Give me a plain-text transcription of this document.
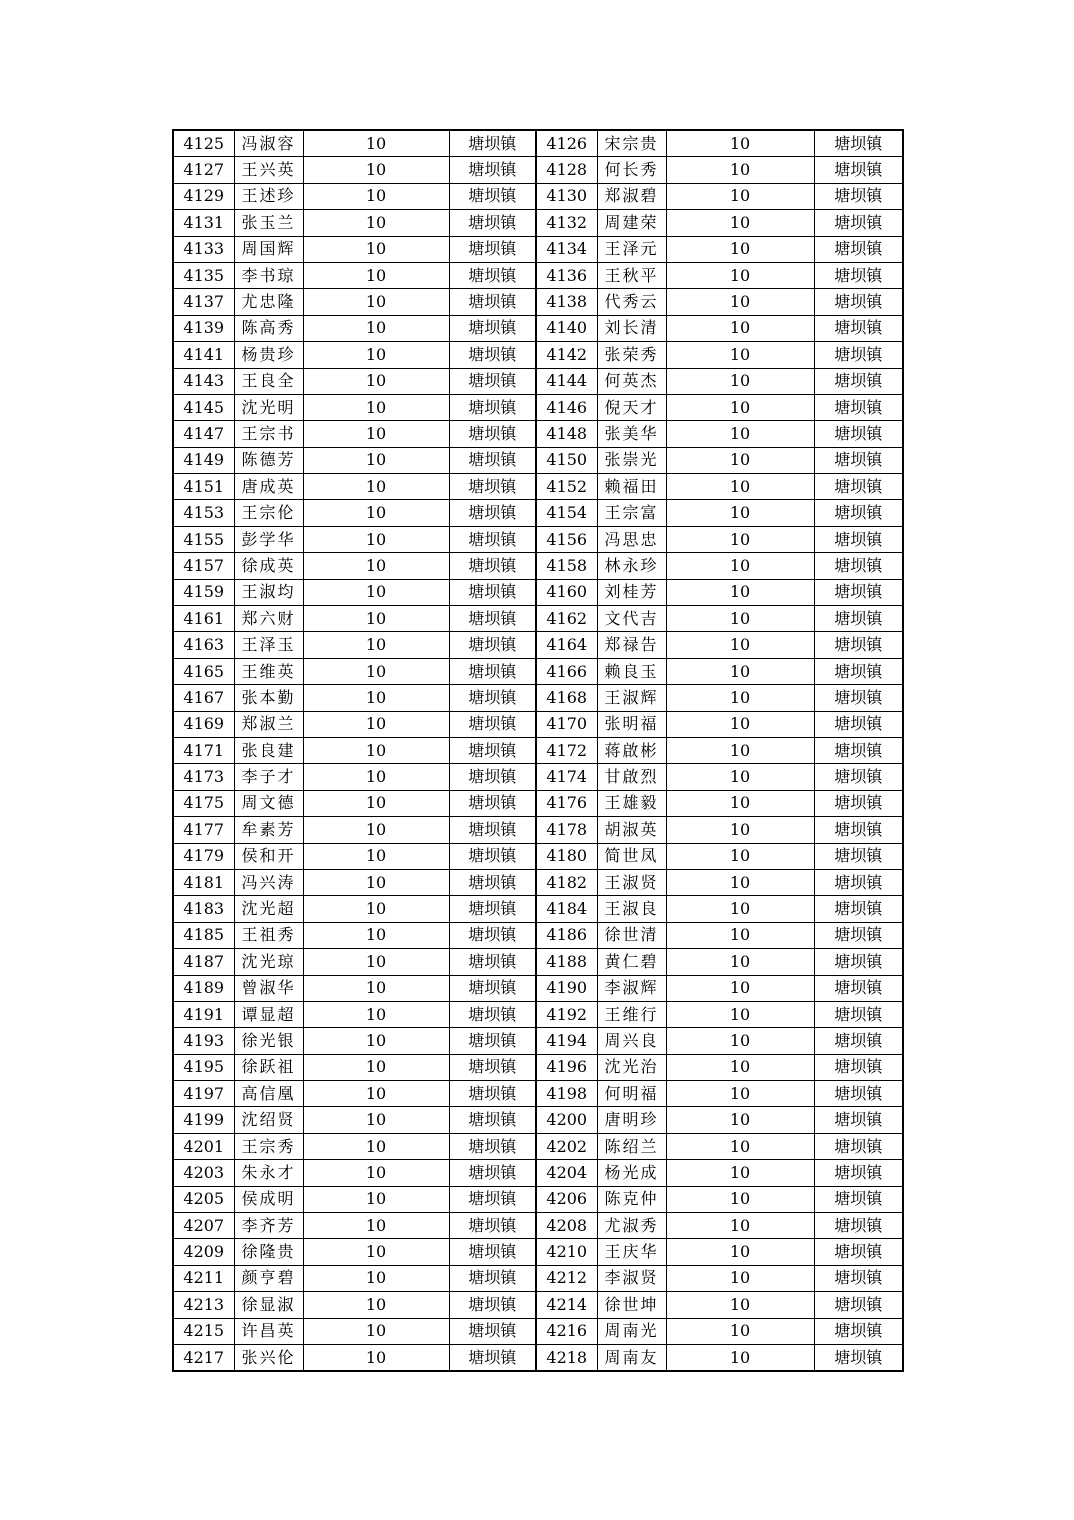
4125	冯淑容	10	塘坝镇	4126	宋宗贵	10	塘坝镇
4127	王兴英	10	塘坝镇	4128	何长秀	10	塘坝镇
4129	王述珍	10	塘坝镇	4130	郑淑碧	10	塘坝镇
4131	张玉兰	10	塘坝镇	4132	周建荣	10	塘坝镇
4133	周国辉	10	塘坝镇	4134	王泽元	10	塘坝镇
4135	李书琼	10	塘坝镇	4136	王秋平	10	塘坝镇
4137	尤忠隆	10	塘坝镇	4138	代秀云	10	塘坝镇
4139	陈高秀	10	塘坝镇	4140	刘长清	10	塘坝镇
4141	杨贵珍	10	塘坝镇	4142	张荣秀	10	塘坝镇
4143	王良全	10	塘坝镇	4144	何英杰	10	塘坝镇
4145	沈光明	10	塘坝镇	4146	倪天才	10	塘坝镇
4147	王宗书	10	塘坝镇	4148	张美华	10	塘坝镇
4149	陈德芳	10	塘坝镇	4150	张崇光	10	塘坝镇
4151	唐成英	10	塘坝镇	4152	赖福田	10	塘坝镇
4153	王宗伦	10	塘坝镇	4154	王宗富	10	塘坝镇
4155	彭学华	10	塘坝镇	4156	冯思忠	10	塘坝镇
4157	徐成英	10	塘坝镇	4158	林永珍	10	塘坝镇
4159	王淑均	10	塘坝镇	4160	刘桂芳	10	塘坝镇
4161	郑六财	10	塘坝镇	4162	文代吉	10	塘坝镇
4163	王泽玉	10	塘坝镇	4164	郑禄告	10	塘坝镇
4165	王维英	10	塘坝镇	4166	赖良玉	10	塘坝镇
4167	张本勤	10	塘坝镇	4168	王淑辉	10	塘坝镇
4169	郑淑兰	10	塘坝镇	4170	张明福	10	塘坝镇
4171	张良建	10	塘坝镇	4172	蒋啟彬	10	塘坝镇
4173	李子才	10	塘坝镇	4174	甘啟烈	10	塘坝镇
4175	周文德	10	塘坝镇	4176	王雄毅	10	塘坝镇
4177	牟素芳	10	塘坝镇	4178	胡淑英	10	塘坝镇
4179	侯和开	10	塘坝镇	4180	简世凤	10	塘坝镇
4181	冯兴涛	10	塘坝镇	4182	王淑贤	10	塘坝镇
4183	沈光超	10	塘坝镇	4184	王淑良	10	塘坝镇
4185	王祖秀	10	塘坝镇	4186	徐世清	10	塘坝镇
4187	沈光琼	10	塘坝镇	4188	黄仁碧	10	塘坝镇
4189	曾淑华	10	塘坝镇	4190	李淑辉	10	塘坝镇
4191	谭显超	10	塘坝镇	4192	王维行	10	塘坝镇
4193	徐光银	10	塘坝镇	4194	周兴良	10	塘坝镇
4195	徐跃祖	10	塘坝镇	4196	沈光治	10	塘坝镇
4197	高信凰	10	塘坝镇	4198	何明福	10	塘坝镇
4199	沈绍贤	10	塘坝镇	4200	唐明珍	10	塘坝镇
4201	王宗秀	10	塘坝镇	4202	陈绍兰	10	塘坝镇
4203	朱永才	10	塘坝镇	4204	杨光成	10	塘坝镇
4205	侯成明	10	塘坝镇	4206	陈克仲	10	塘坝镇
4207	李齐芳	10	塘坝镇	4208	尤淑秀	10	塘坝镇
4209	徐隆贵	10	塘坝镇	4210	王庆华	10	塘坝镇
4211	颜亨碧	10	塘坝镇	4212	李淑贤	10	塘坝镇
4213	徐显淑	10	塘坝镇	4214	徐世坤	10	塘坝镇
4215	许昌英	10	塘坝镇	4216	周南光	10	塘坝镇
4217	张兴伦	10	塘坝镇	4218	周南友	10	塘坝镇
